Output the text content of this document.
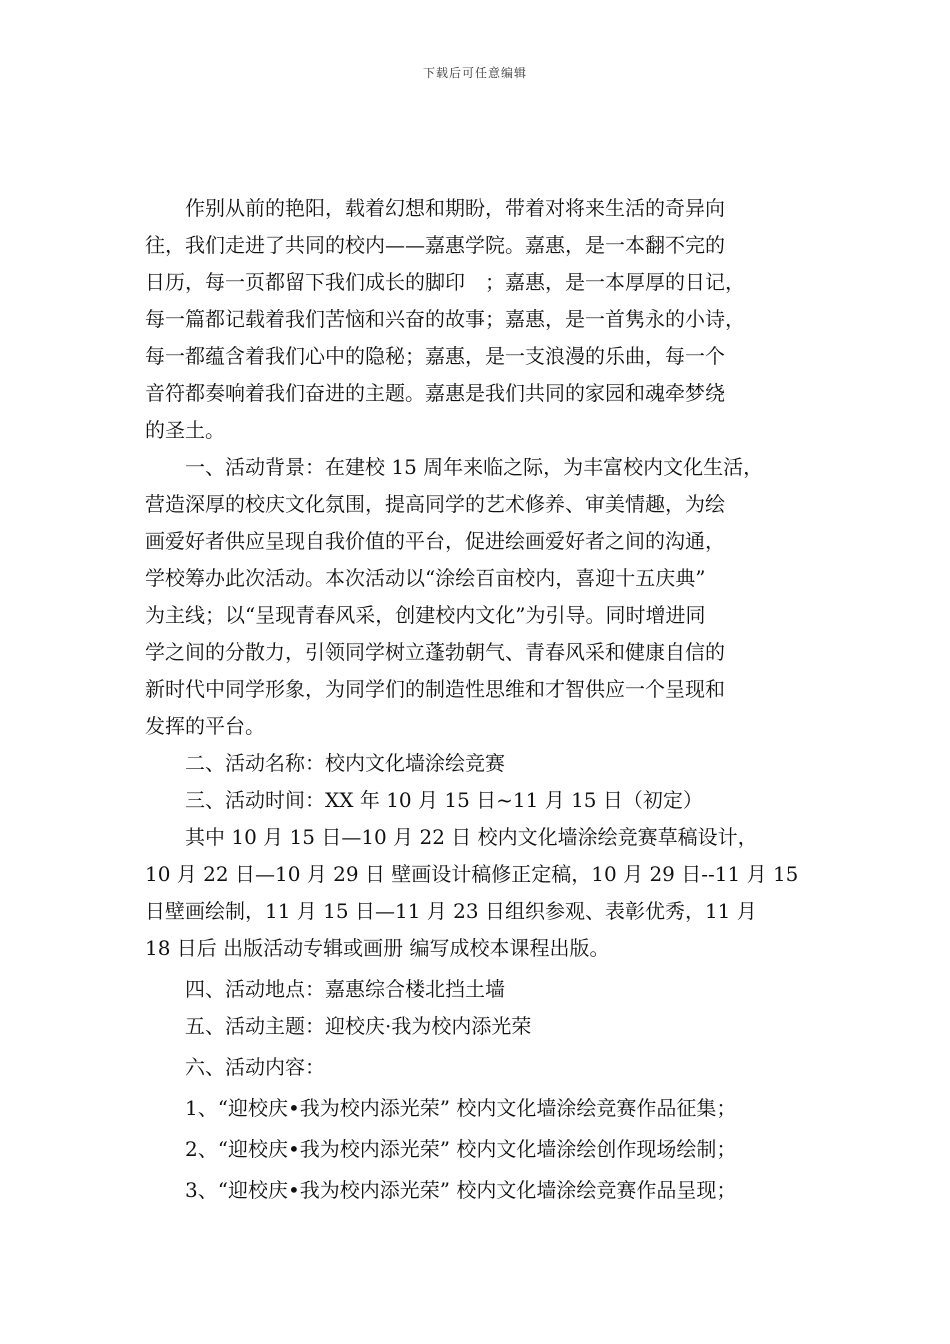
下载后可任意编辑
　　作别从前的艳阳，载着幻想和期盼，带着对将来生活的奇异向
往，我们走进了共同的校内——嘉惠学院。嘉惠，是一本翻不完的
日历，每一页都留下我们成长的脚印　；嘉惠，是一本厚厚的日记，
每一篇都记载着我们苦恼和兴奋的故事；嘉惠，是一首隽永的小诗，
每一都蕴含着我们心中的隐秘；嘉惠，是一支浪漫的乐曲，每一个
音符都奏响着我们奋进的主题。嘉惠是我们共同的家园和魂牵梦绕
的圣土。
　　一、活动背景：在建校 15 周年来临之际，为丰富校内文化生活，
营造深厚的校庆文化氛围，提高同学的艺术修养、审美情趣，为绘
画爱好者供应呈现自我价值的平台，促进绘画爱好者之间的沟通，
学校筹办此次活动。本次活动以“涂绘百亩校内，喜迎十五庆典”
为主线；以“呈现青春风采，创建校内文化”为引导。同时增进同
学之间的分散力，引领同学树立蓬勃朝气、青春风采和健康自信的
新时代中同学形象，为同学们的制造性思维和才智供应一个呈现和
发挥的平台。
　　二、活动名称：校内文化墙涂绘竞赛
　　三、活动时间：XX 年 10 月 15 日~11 月 15 日（初定）
　　其中 10 月 15 日—10 月 22 日 校内文化墙涂绘竞赛草稿设计，
10 月 22 日—10 月 29 日 壁画设计稿修正定稿，10 月 29 日--11 月 15
日壁画绘制，11 月 15 日—11 月 23 日组织参观、表彰优秀，11 月
18 日后 出版活动专辑或画册 编写成校本课程出版。
　　四、活动地点：嘉惠综合楼北挡土墙
　　五、活动主题：迎校庆·我为校内添光荣
　　六、活动内容：
　　1、“迎校庆•我为校内添光荣” 校内文化墙涂绘竞赛作品征集；
　　2、“迎校庆•我为校内添光荣” 校内文化墙涂绘创作现场绘制；
　　3、“迎校庆•我为校内添光荣” 校内文化墙涂绘竞赛作品呈现；
